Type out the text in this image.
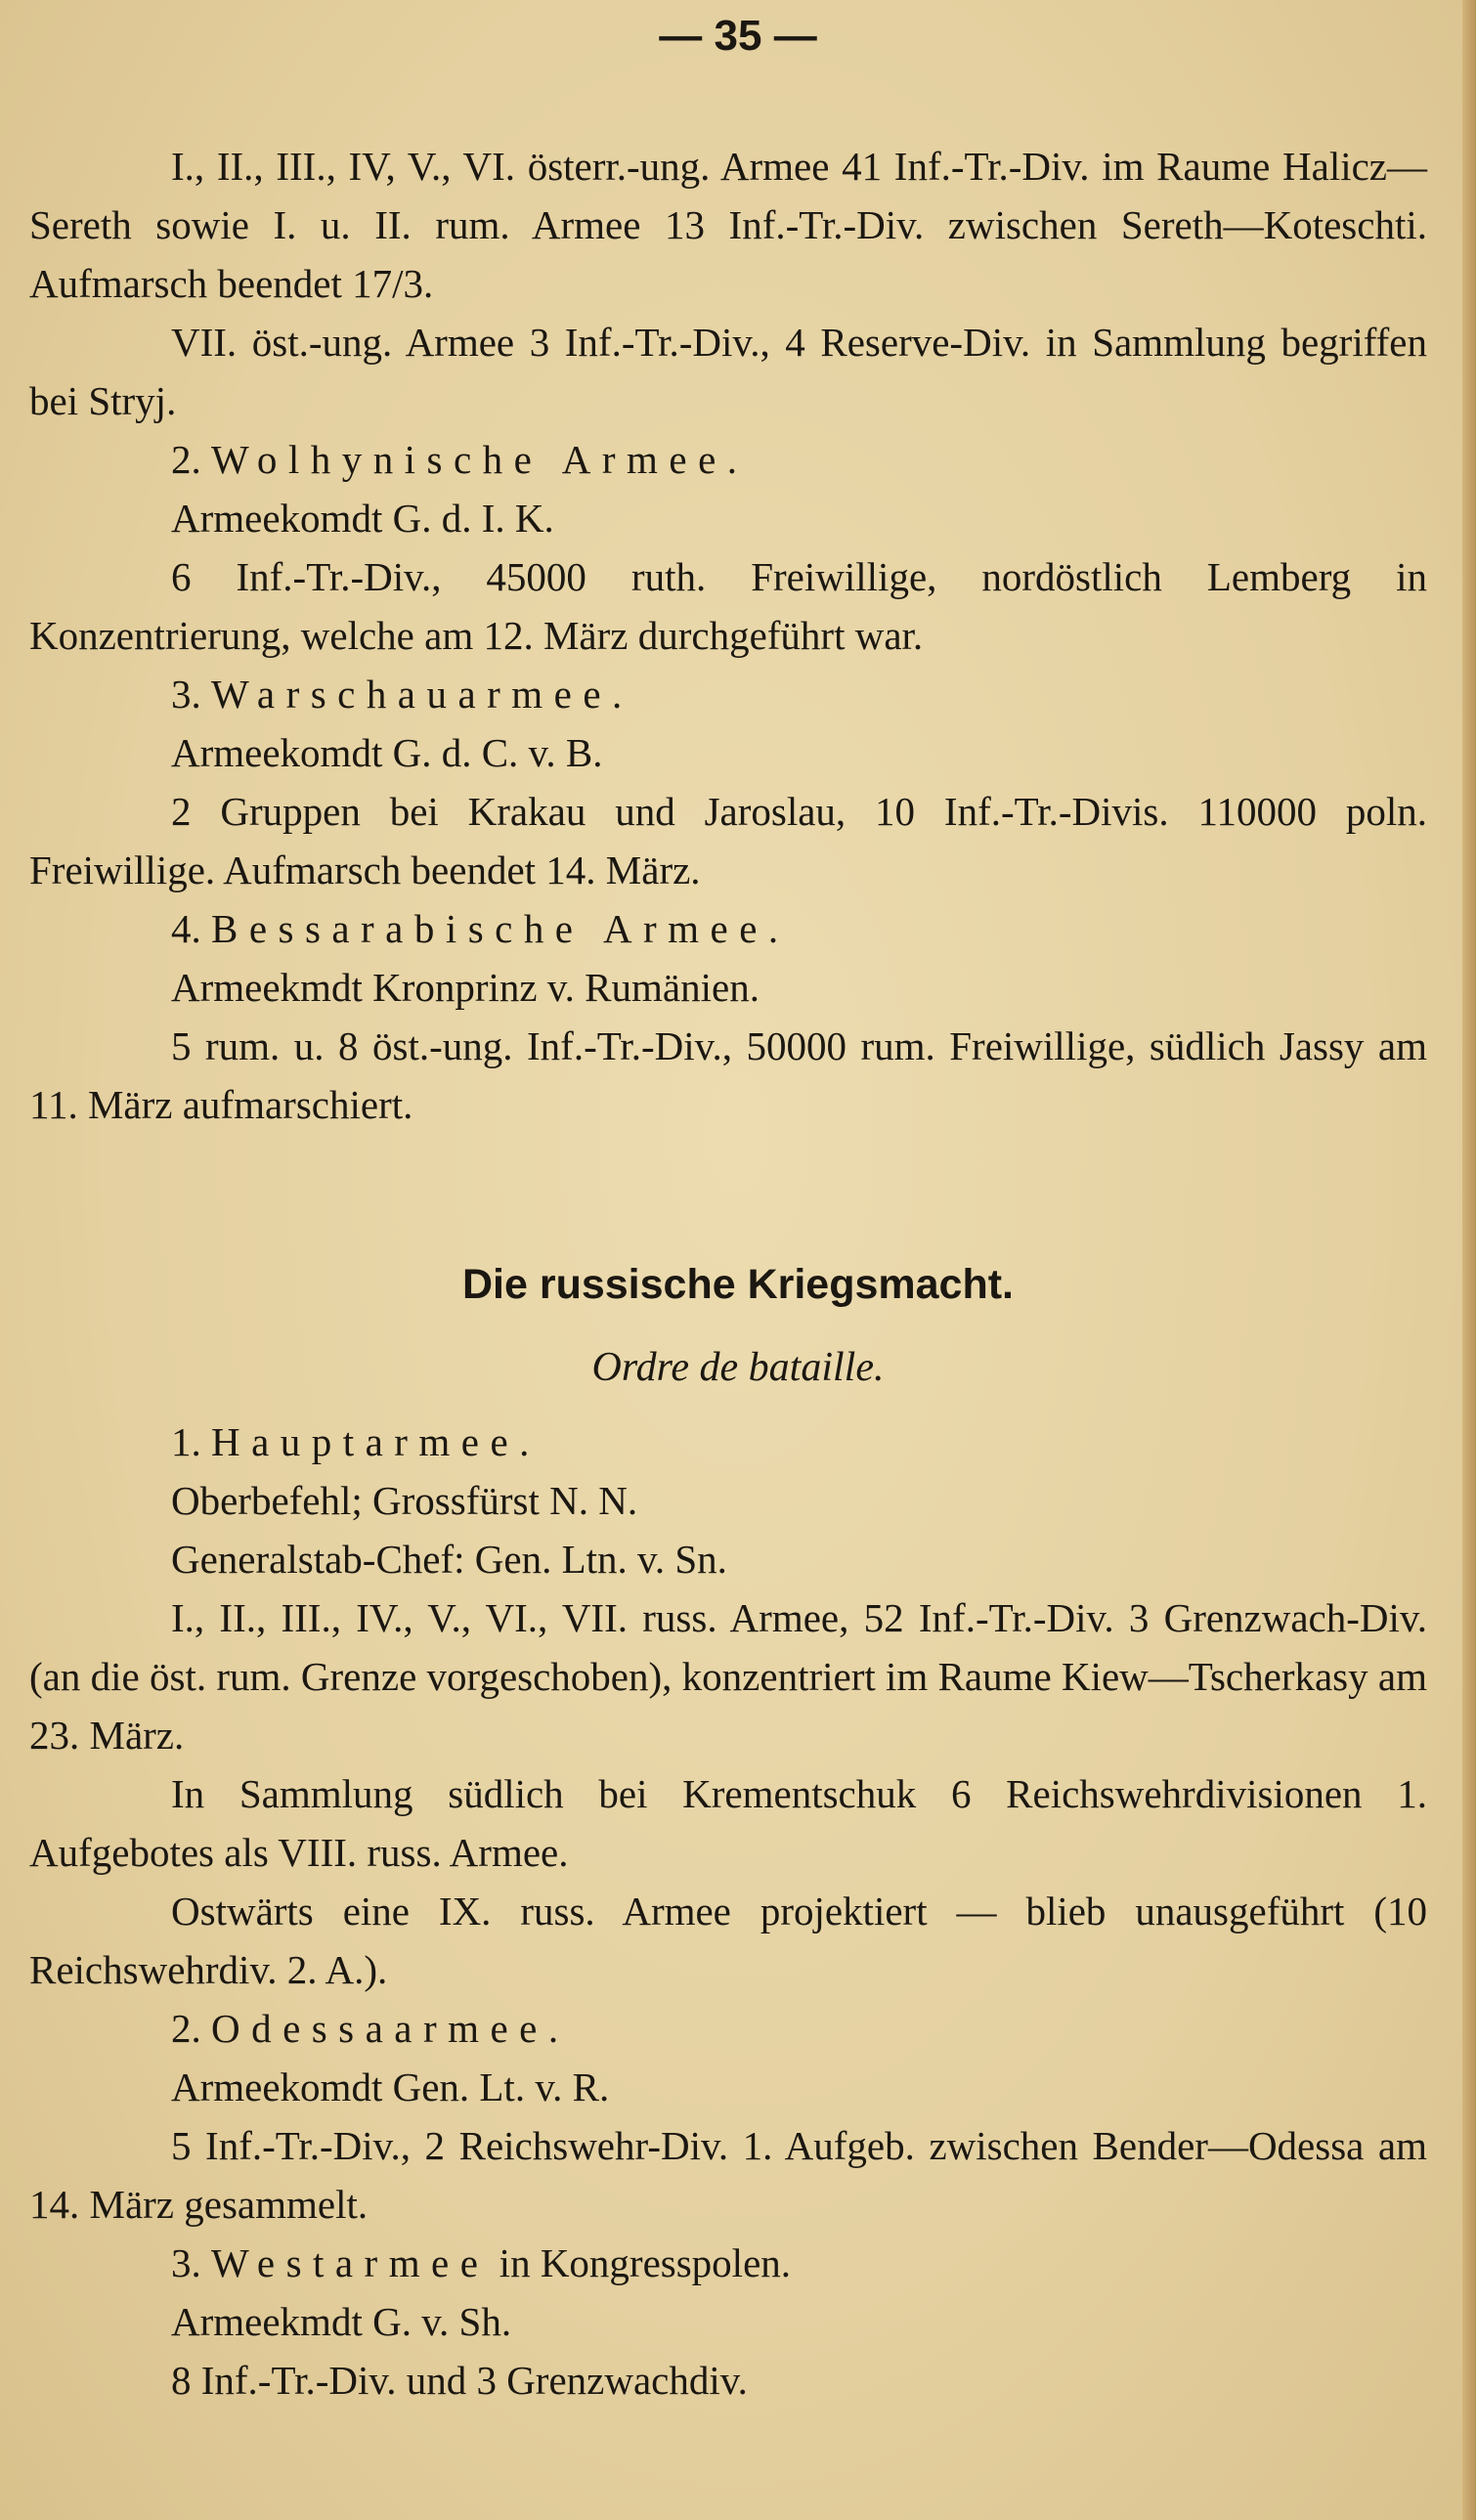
— 35 —

I., II., III., IV, V., VI. österr.-ung. Armee 41 Inf.-Tr.-Div. im Raume Halicz—Sereth sowie I. u. II. rum. Armee 13 Inf.-Tr.-Div. zwischen Sereth—Koteschti. Aufmarsch beendet 17/3.

VII. öst.-ung. Armee 3 Inf.-Tr.-Div., 4 Reserve-Div. in Sammlung begriffen bei Stryj.

2. Wolhynische Armee.

Armeekomdt G. d. I. K.

6 Inf.-Tr.-Div., 45000 ruth. Freiwillige, nordöstlich Lemberg in Konzentrierung, welche am 12. März durchgeführt war.

3. Warschauarmee.

Armeekomdt G. d. C. v. B.

2 Gruppen bei Krakau und Jaroslau, 10 Inf.-Tr.-Divis. 110000 poln. Freiwillige. Aufmarsch beendet 14. März.

4. Bessarabische Armee.

Armeekmdt Kronprinz v. Rumänien.

5 rum. u. 8 öst.-ung. Inf.-Tr.-Div., 50000 rum. Freiwillige, südlich Jassy am 11. März aufmarschiert.

Die russische Kriegsmacht.
Ordre de bataille.

1. Hauptarmee.

Oberbefehl; Grossfürst N. N.

Generalstab-Chef: Gen. Ltn. v. Sn.

I., II., III., IV., V., VI., VII. russ. Armee, 52 Inf.-Tr.-Div. 3 Grenzwach-Div. (an die öst. rum. Grenze vorgeschoben), konzentriert im Raume Kiew—Tscherkasy am 23. März.

In Sammlung südlich bei Krementschuk 6 Reichswehrdivisionen 1. Aufgebotes als VIII. russ. Armee.

Ostwärts eine IX. russ. Armee projektiert — blieb unausgeführt (10 Reichswehrdiv. 2. A.).

2. Odessaarmee.

Armeekomdt Gen. Lt. v. R.

5 Inf.-Tr.-Div., 2 Reichswehr-Div. 1. Aufgeb. zwischen Bender—Odessa am 14. März gesammelt.

3. Westarmee in Kongresspolen.

Armeekmdt G. v. Sh.

8 Inf.-Tr.-Div. und 3 Grenzwachdiv.
